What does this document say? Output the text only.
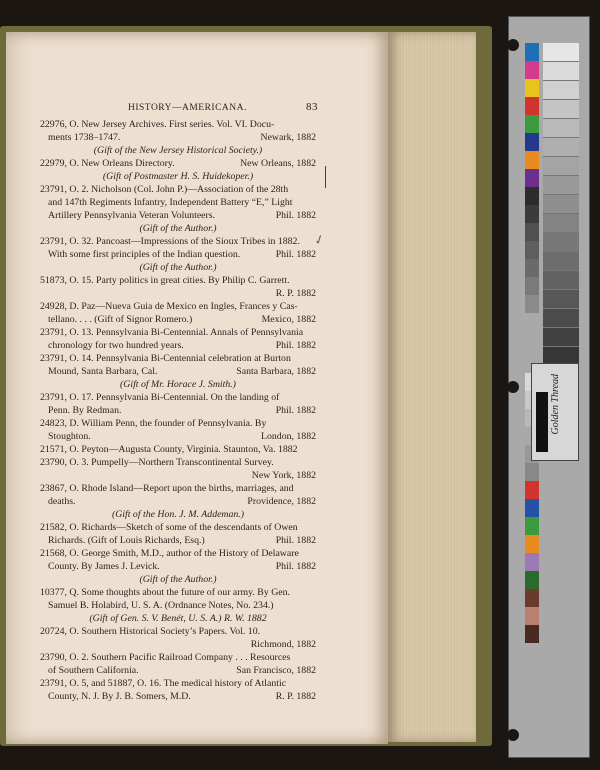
HISTORY—AMERICANA.	83
22976, O. New Jersey Archives. First series. Vol. VI. Docu-
ments 1738–1747.	Newark, 1882
(Gift of the New Jersey Historical Society.)
22979, O. New Orleans Directory.	New Orleans, 1882
(Gift of Postmaster H. S. Huidekoper.)
23791, O. 2. Nicholson (Col. John P.)—Association of the 28th
and 147th Regiments Infantry, Independent Battery “E,” Light
Artillery Pennsylvania Veteran Volunteers.	Phil. 1882
(Gift of the Author.)
23791, O. 32. Pancoast—Impressions of the Sioux Tribes in 1882.
With some first principles of the Indian question.	Phil. 1882
(Gift of the Author.)
51873, O. 15. Party politics in great cities. By Philip C. Garrett.
R. P. 1882
24928, D. Paz—Nueva Guia de Mexico en Ingles, Frances y Cas-
tellano. . . . (Gift of Signor Romero.)	Mexico, 1882
23791, O. 13. Pennsylvania Bi-Centennial. Annals of Pennsylvania
chronology for two hundred years.	Phil. 1882
23791, O. 14. Pennsylvania Bi-Centennial celebration at Burton
Mound, Santa Barbara, Cal.	Santa Barbara, 1882
(Gift of Mr. Horace J. Smith.)
23791, O. 17. Pennsylvania Bi-Centennial. On the landing of
Penn. By Redman.	Phil. 1882
24823, D. William Penn, the founder of Pennsylvania. By
Stoughton.	London, 1882
21571, O. Peyton—Augusta County, Virginia. Staunton, Va. 1882
23790, O. 3. Pumpelly—Northern Transcontinental Survey.
New York, 1882
23867, O. Rhode Island—Report upon the births, marriages, and
deaths.	Providence, 1882
(Gift of the Hon. J. M. Addeman.)
21582, O. Richards—Sketch of some of the descendants of Owen
Richards. (Gift of Louis Richards, Esq.)	Phil. 1882
21568, O. George Smith, M.D., author of the History of Delaware
County. By James J. Levick.	Phil. 1882
(Gift of the Author.)
10377, Q. Some thoughts about the future of our army. By Gen.
Samuel B. Holabird, U. S. A. (Ordnance Notes, No. 234.)
(Gift of Gen. S. V. Benét, U. S. A.) R. W. 1882
20724, O. Southern Historical Society’s Papers. Vol. 10.
Richmond, 1882
23790, O. 2. Southern Pacific Railroad Company . . . Resources
of Southern California.	San Francisco, 1882
23791, O. 5, and 51887, O. 16. The medical history of Atlantic
County, N. J. By J. B. Somers, M.D.	R. P. 1882
✓
Golden Thread
